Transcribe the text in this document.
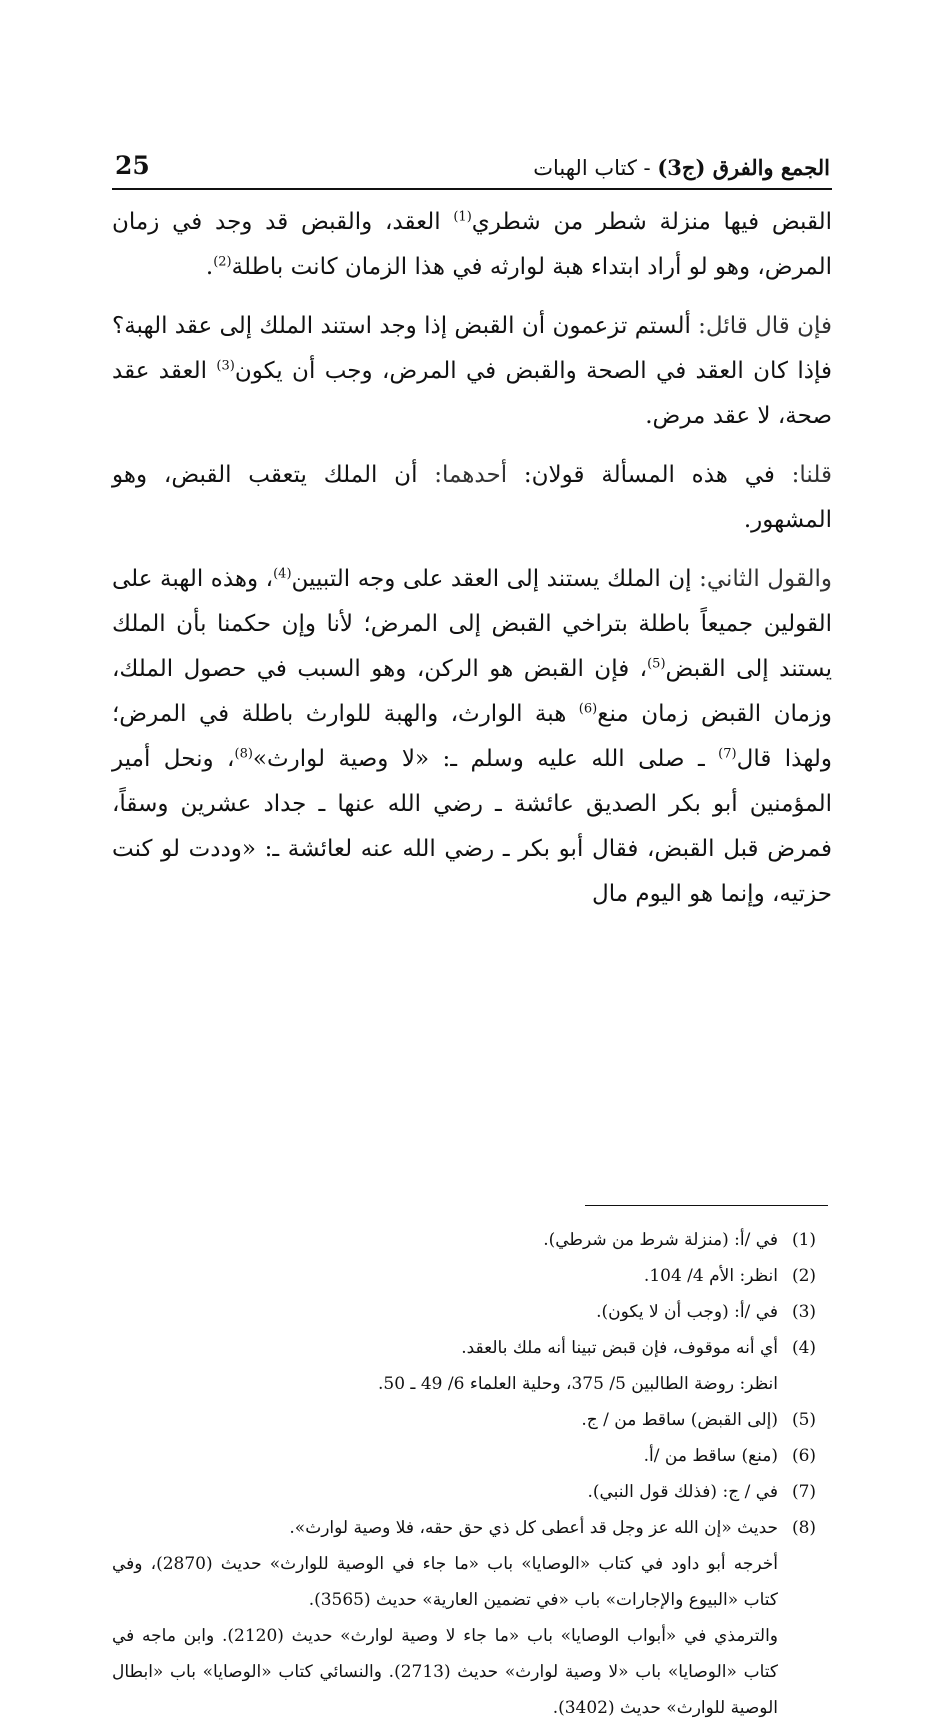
25	الجمع والفرق (ج3) - كتاب الهبات

القبض فيها منزلة شطر من شطري$^{(1)}$ العقد، والقبض قد وجد في زمان المرض، وهو لو أراد ابتداء هبة لوارثه في هذا الزمان كانت باطلة$^{(2)}$.

فإن قال قائل: ألستم تزعمون أن القبض إذا وجد استند الملك إلى عقد الهبة؟ فإذا كان العقد في الصحة والقبض في المرض، وجب أن يكون$^{(3)}$ العقد عقد صحة، لا عقد مرض.

قلنا: في هذه المسألة قولان: أحدهما: أن الملك يتعقب القبض، وهو المشهور.

والقول الثاني: إن الملك يستند إلى العقد على وجه التبيين$^{(4)}$، وهذه الهبة على القولين جميعاً باطلة بتراخي القبض إلى المرض؛ لأنا وإن حكمنا بأن الملك يستند إلى القبض$^{(5)}$، فإن القبض هو الركن، وهو السبب في حصول الملك، وزمان القبض زمان منع$^{(6)}$ هبة الوارث، والهبة للوارث باطلة في المرض؛ ولهذا قال$^{(7)}$ ـ صلى الله عليه وسلم ـ: «لا وصية لوارث»$^{(8)}$، ونحل أمير المؤمنين أبو بكر الصديق عائشة ـ رضي الله عنها ـ جداد عشرين وسقاً، فمرض قبل القبض، فقال أبو بكر ـ رضي الله عنه لعائشة ـ: «وددت لو كنت حزتيه، وإنما هو اليوم مال

(1)
في /أ: (منزلة شرط من شرطي).
(2)
انظر: الأم 4/ 104.
(3)
في /أ: (وجب أن لا يكون).
(4)
أي أنه موقوف، فإن قبض تبينا أنه ملك بالعقد.
انظر: روضة الطالبين 5/ 375، وحلية العلماء 6/ 49 ـ 50.
(5)
(إلى القبض) ساقط من / ج.
(6)
(منع) ساقط من /أ.
(7)
في / ج: (فذلك قول النبي).
(8)
حديث «إن الله عز وجل قد أعطى كل ذي حق حقه، فلا وصية لوارث».
أخرجه أبو داود في كتاب «الوصايا» باب «ما جاء في الوصية للوارث» حديث (2870)، وفي كتاب «البيوع والإجارات» باب «في تضمين العارية» حديث (3565).
والترمذي في «أبواب الوصايا» باب «ما جاء لا وصية لوارث» حديث (2120). وابن ماجه في كتاب «الوصايا» باب «لا وصية لوارث» حديث (2713). والنسائي كتاب «الوصايا» باب «ابطال الوصية للوارث» حديث (3402).
